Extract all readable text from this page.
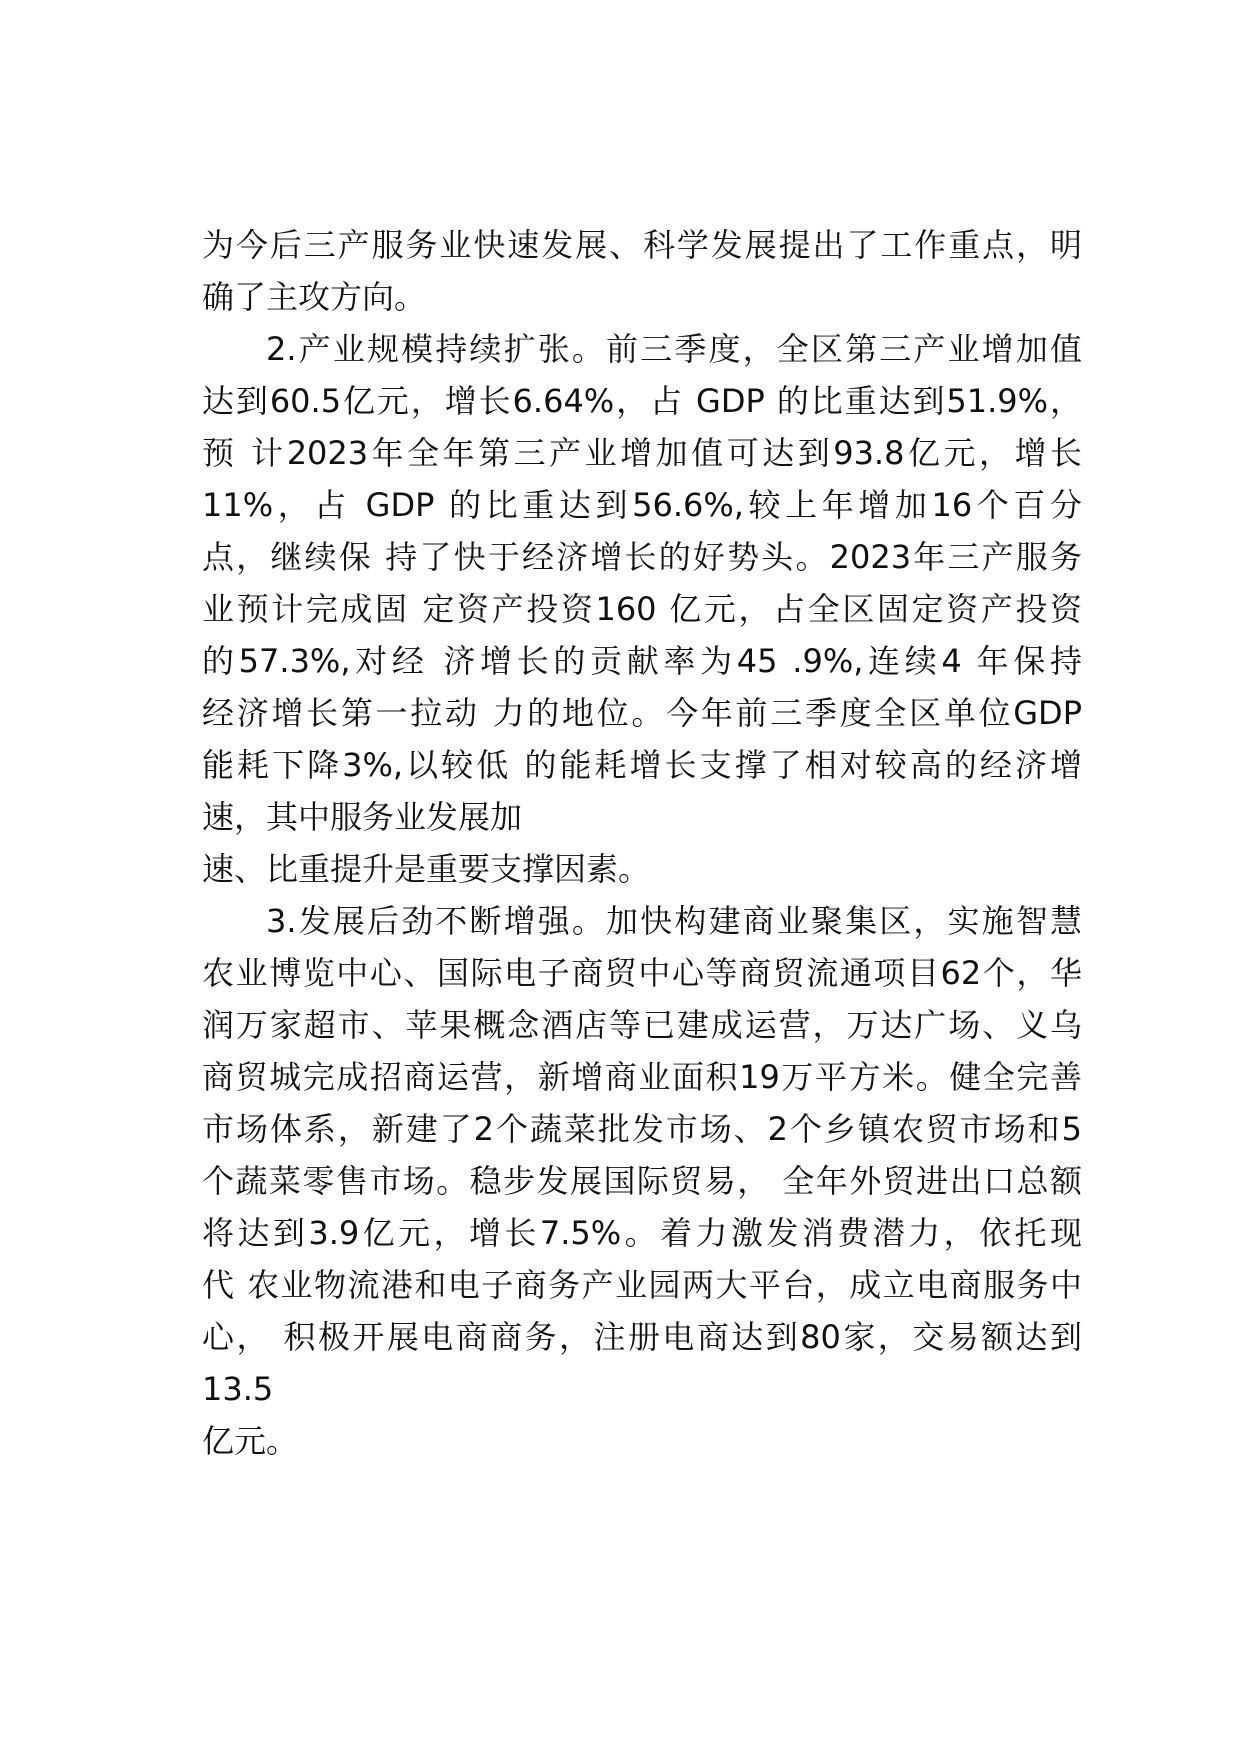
为今后三产服务业快速发展、科学发展提出了工作重点，明
确了主攻方向。
2.产业规模持续扩张。前三季度，全区第三产业增加值
达到60.5亿元，增长6.64%，占 GDP 的比重达到51.9%，
预 计2023年全年第三产业增加值可达到93.8亿元，增长
11%，占 GDP 的比重达到56.6%,较上年增加16个百分
点，继续保 持了快于经济增长的好势头。2023年三产服务
业预计完成固 定资产投资160 亿元，占全区固定资产投资
的57.3%,对经 济增长的贡献率为45 .9%,连续4 年保持
经济增长第一拉动 力的地位。今年前三季度全区单位GDP
能耗下降3%,以较低 的能耗增长支撑了相对较高的经济增
速，其中服务业发展加
速、比重提升是重要支撑因素。
3.发展后劲不断增强。加快构建商业聚集区，实施智慧
农业博览中心、国际电子商贸中心等商贸流通项目62个，华
润万家超市、苹果概念酒店等已建成运营，万达广场、义乌
商贸城完成招商运营，新增商业面积19万平方米。健全完善
市场体系，新建了2个蔬菜批发市场、2个乡镇农贸市场和5
个蔬菜零售市场。稳步发展国际贸易， 全年外贸进出口总额
将达到3.9亿元，增长7.5%。着力激发消费潜力，依托现
代 农业物流港和电子商务产业园两大平台，成立电商服务中
心， 积极开展电商商务，注册电商达到80家，交易额达到
13.5
亿元。
